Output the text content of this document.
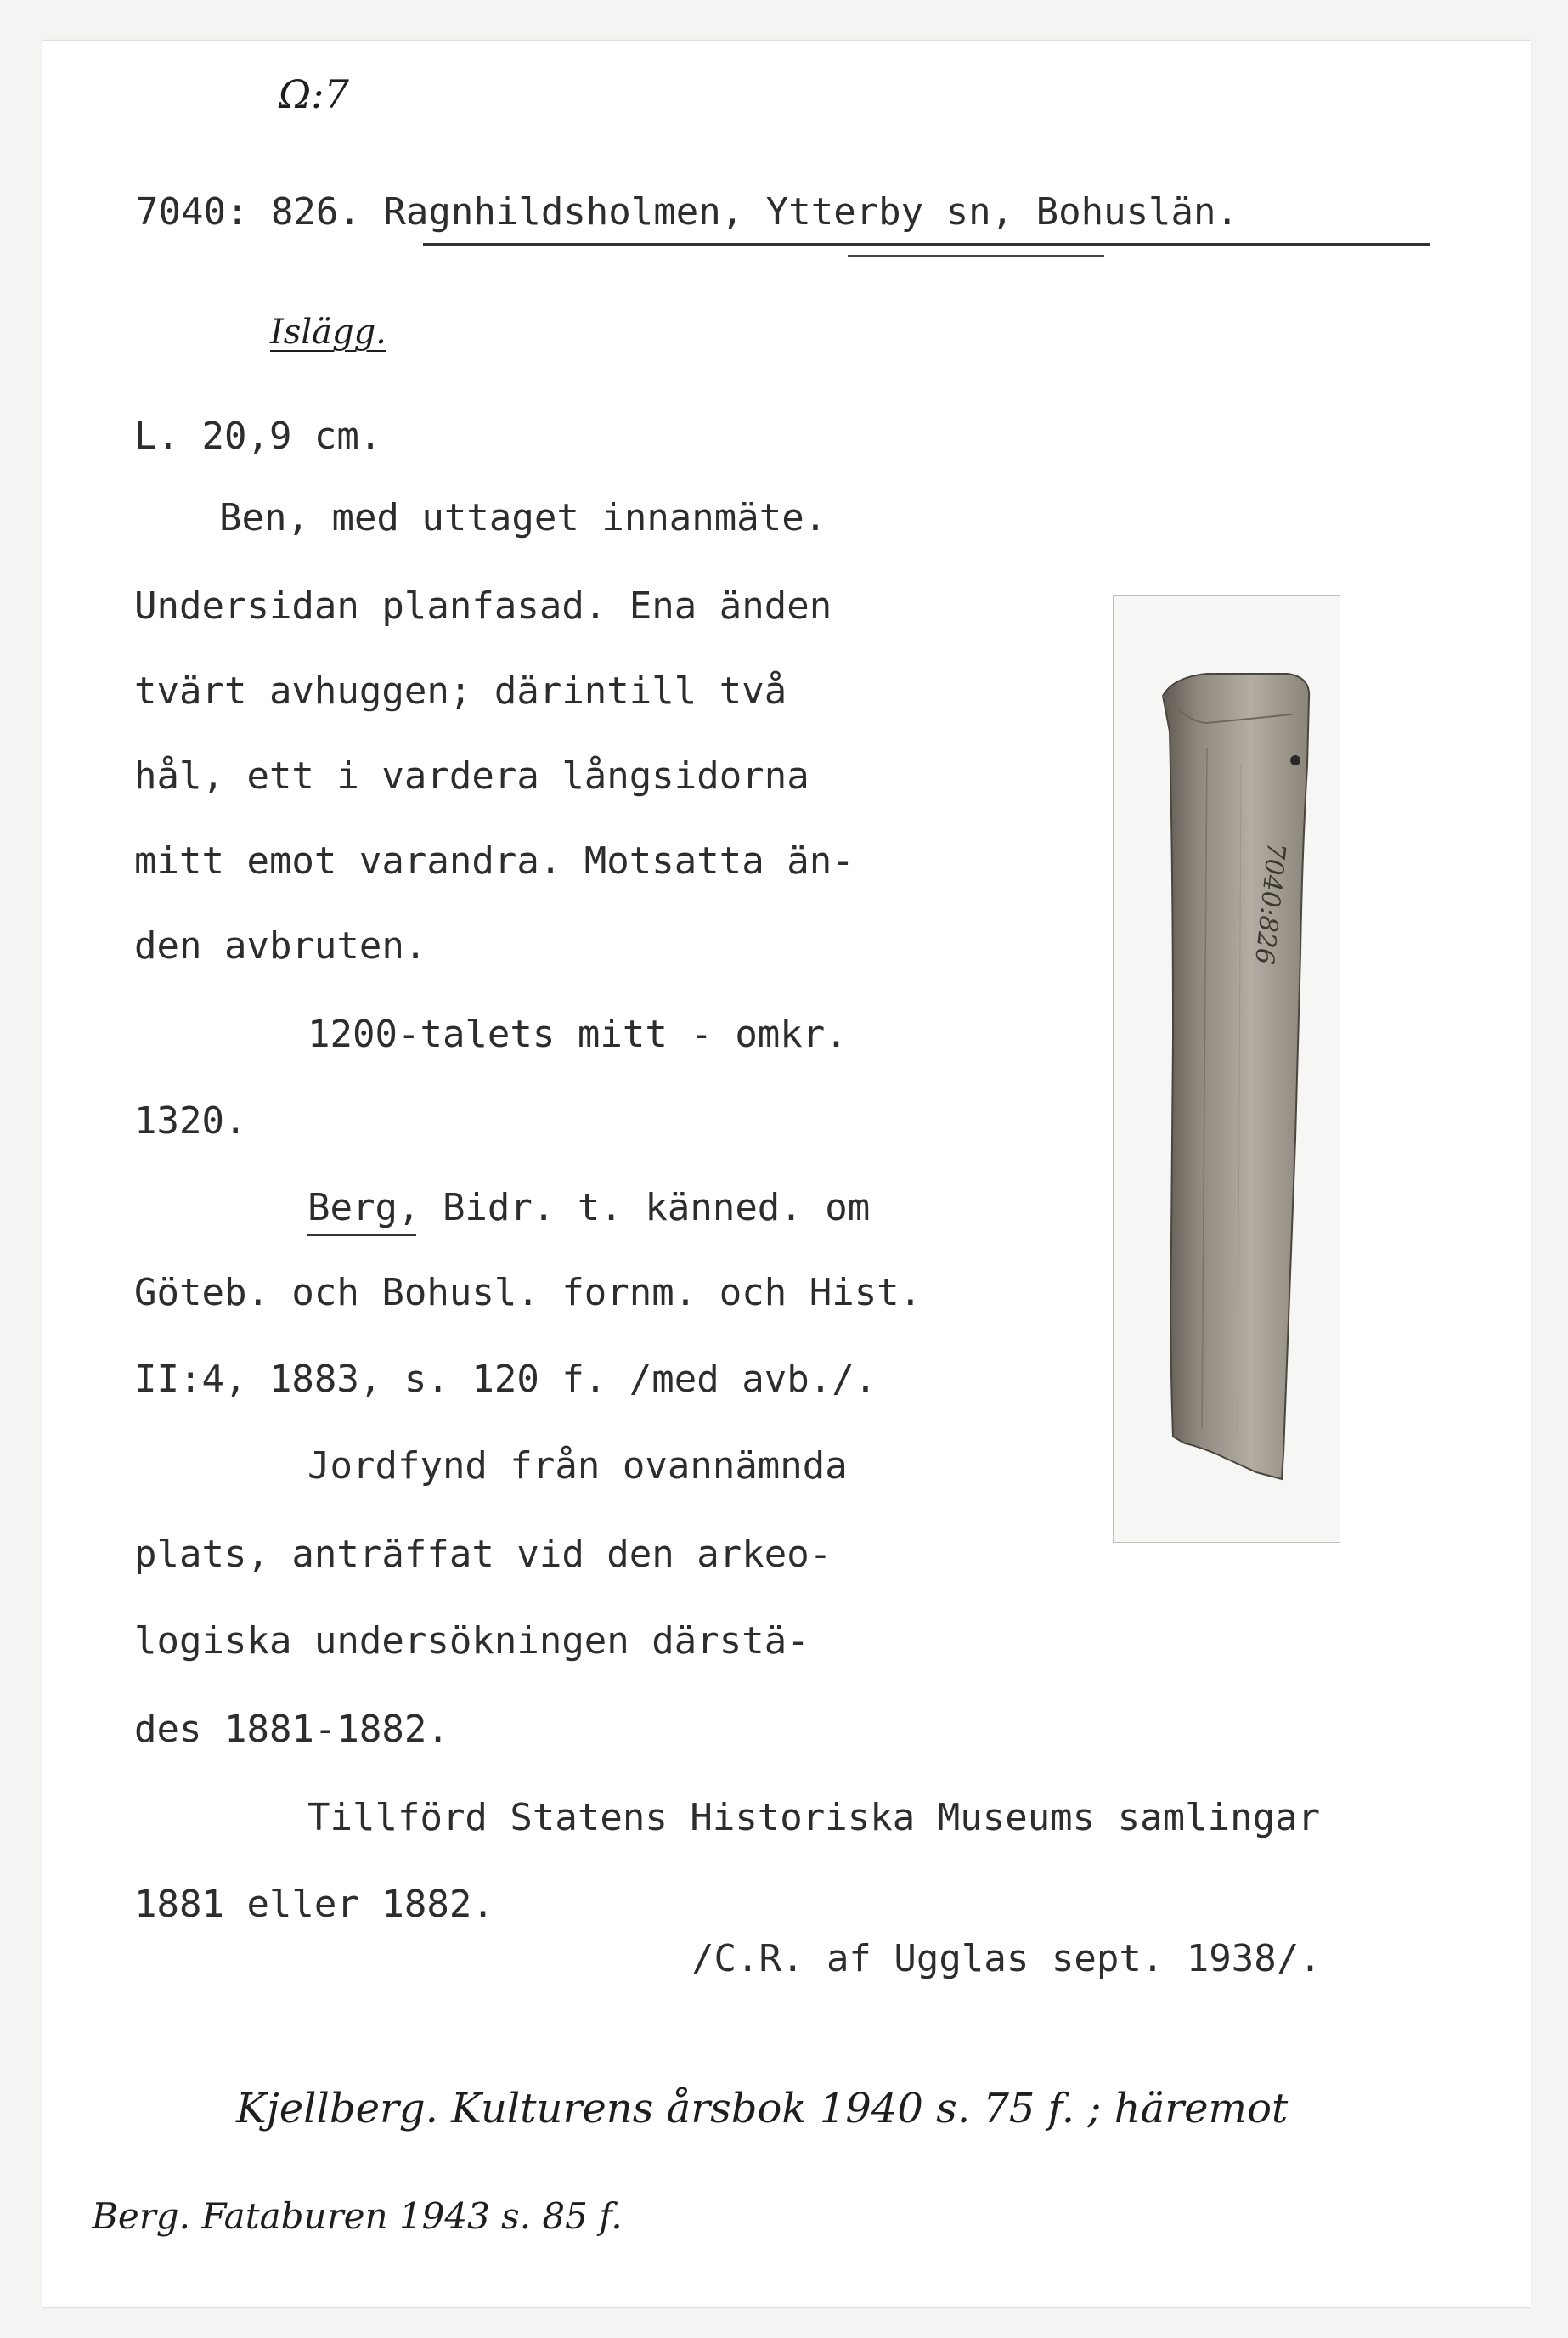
Ω:7
7040: 826. Ragnhildsholmen, Ytterby sn, Bohuslän.
Islägg.
L. 20,9 cm.
Ben, med uttaget innanmäte.
Undersidan planfasad. Ena änden
tvärt avhuggen; därintill två
hål, ett i vardera långsidorna
mitt emot varandra. Motsatta än-
den avbruten.
1200-talets mitt - omkr.
1320.
Berg, Bidr. t. känned. om
Göteb. och Bohusl. fornm. och Hist.
II:4, 1883, s. 120 f. /med avb./.
Jordfynd från ovannämnda
plats, anträffat vid den arkeo-
logiska undersökningen därstä-
des 1881-1882.
Tillförd Statens Historiska Museums samlingar
1881 eller 1882.
/C.R. af Ugglas sept. 1938/.
Kjellberg. Kulturens årsbok 1940 s. 75 f. ; häremot
Berg. Fataburen 1943 s. 85 f.
7040:826
